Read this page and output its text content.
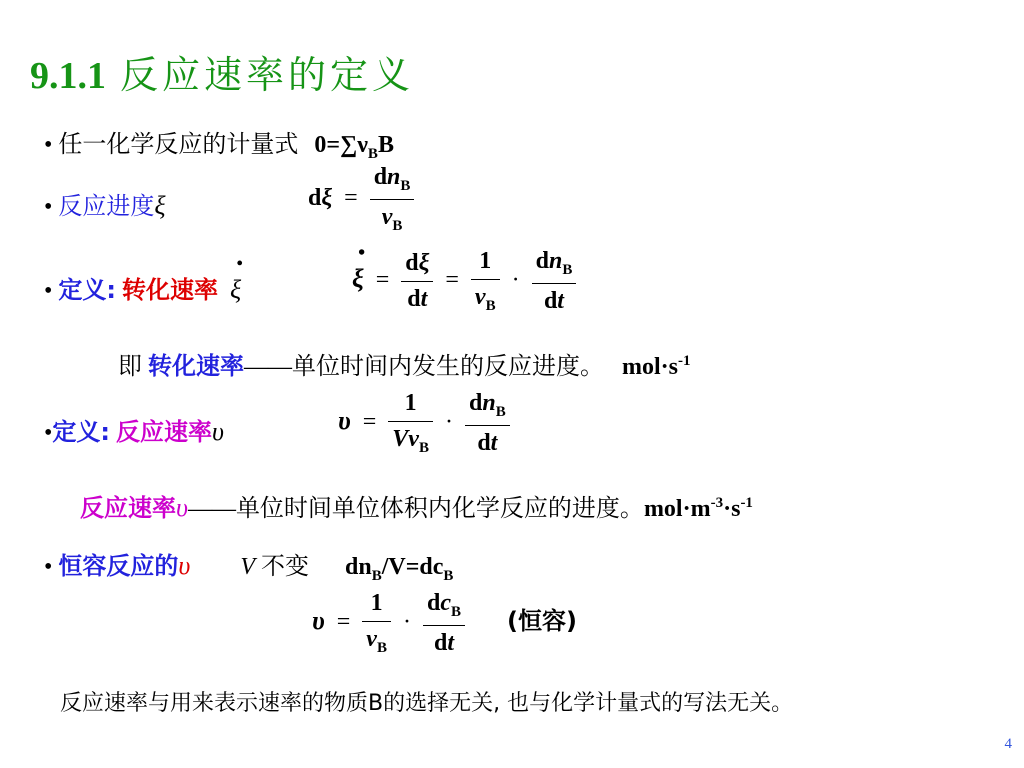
9.1.1 反应速率的定义
• 任一化学反应的计量式 $0=\sum\nu_BB$
• 反应进度ξ	$d\xi = \frac{dn_B}{\nu_B}$
• 定义: 转化速率 • ξ	• $\xi = \frac{d\xi}{dt} = \frac{1}{\nu_B} \cdot \frac{dn_B}{dt}$
即 转化速率——单位时间内发生的反应进度。 $mol\cdot s^{-1}$
•定义: 反应速率υ	$\upsilon = \frac{1}{V\nu_B} \cdot \frac{dn_B}{dt}$
反应速率υ——单位时间单位体积内化学反应的进度。$mol\cdot m^{-3}\cdot s^{-1}$
• 恒容反应的υ V 不变 $dn_B/V=dc_B$
$\upsilon = \frac{1}{\nu_B} \cdot \frac{dc_B}{dt}$ (恒容)
反应速率与用来表示速率的物质B的选择无关, 也与化学计量式的写法无关。
4
